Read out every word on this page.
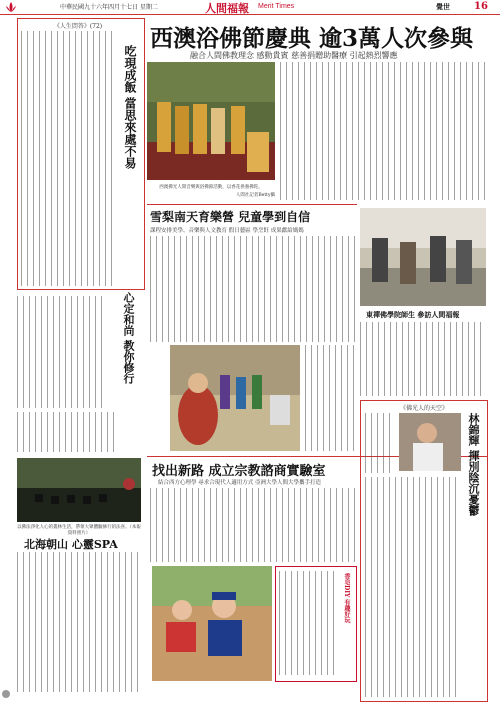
中華民國九十六年四月十七日 星期二	人間福報 Merit Times	覺世 16
《人生問答》(72)
吃現成飯 當思來處不易
心定和尚 教你修行
以佛法淨化人心的叢林生活，帶領大眾體驗修行的法喜。（本報資料照片）
北海朝山 心靈SPA
西澳浴佛節慶典 逾3萬人次參與
融合人間佛教理念 感動貴賓 慈善捐贈助醫療 引起熱烈響應
西澳佛光人間音樂與浴佛節活動，以香花供養佛陀。
人間社記者Betty攝
雪梨南天育樂營 兒童學到自信
課程安排美學、音樂與人文教育 假日藝區 學烹飪 成果獻給媽媽
東禪佛學院師生 參訪人間福報
《佛光人的天空》
林錦輝 揮別陰沉憂鬱
找出新路 成立宗教諮商實驗室
結合西方心理學 尋求合現代人適用方式 亞洲大學人間大學攜手打造
香皂DIY 有趣好玩
